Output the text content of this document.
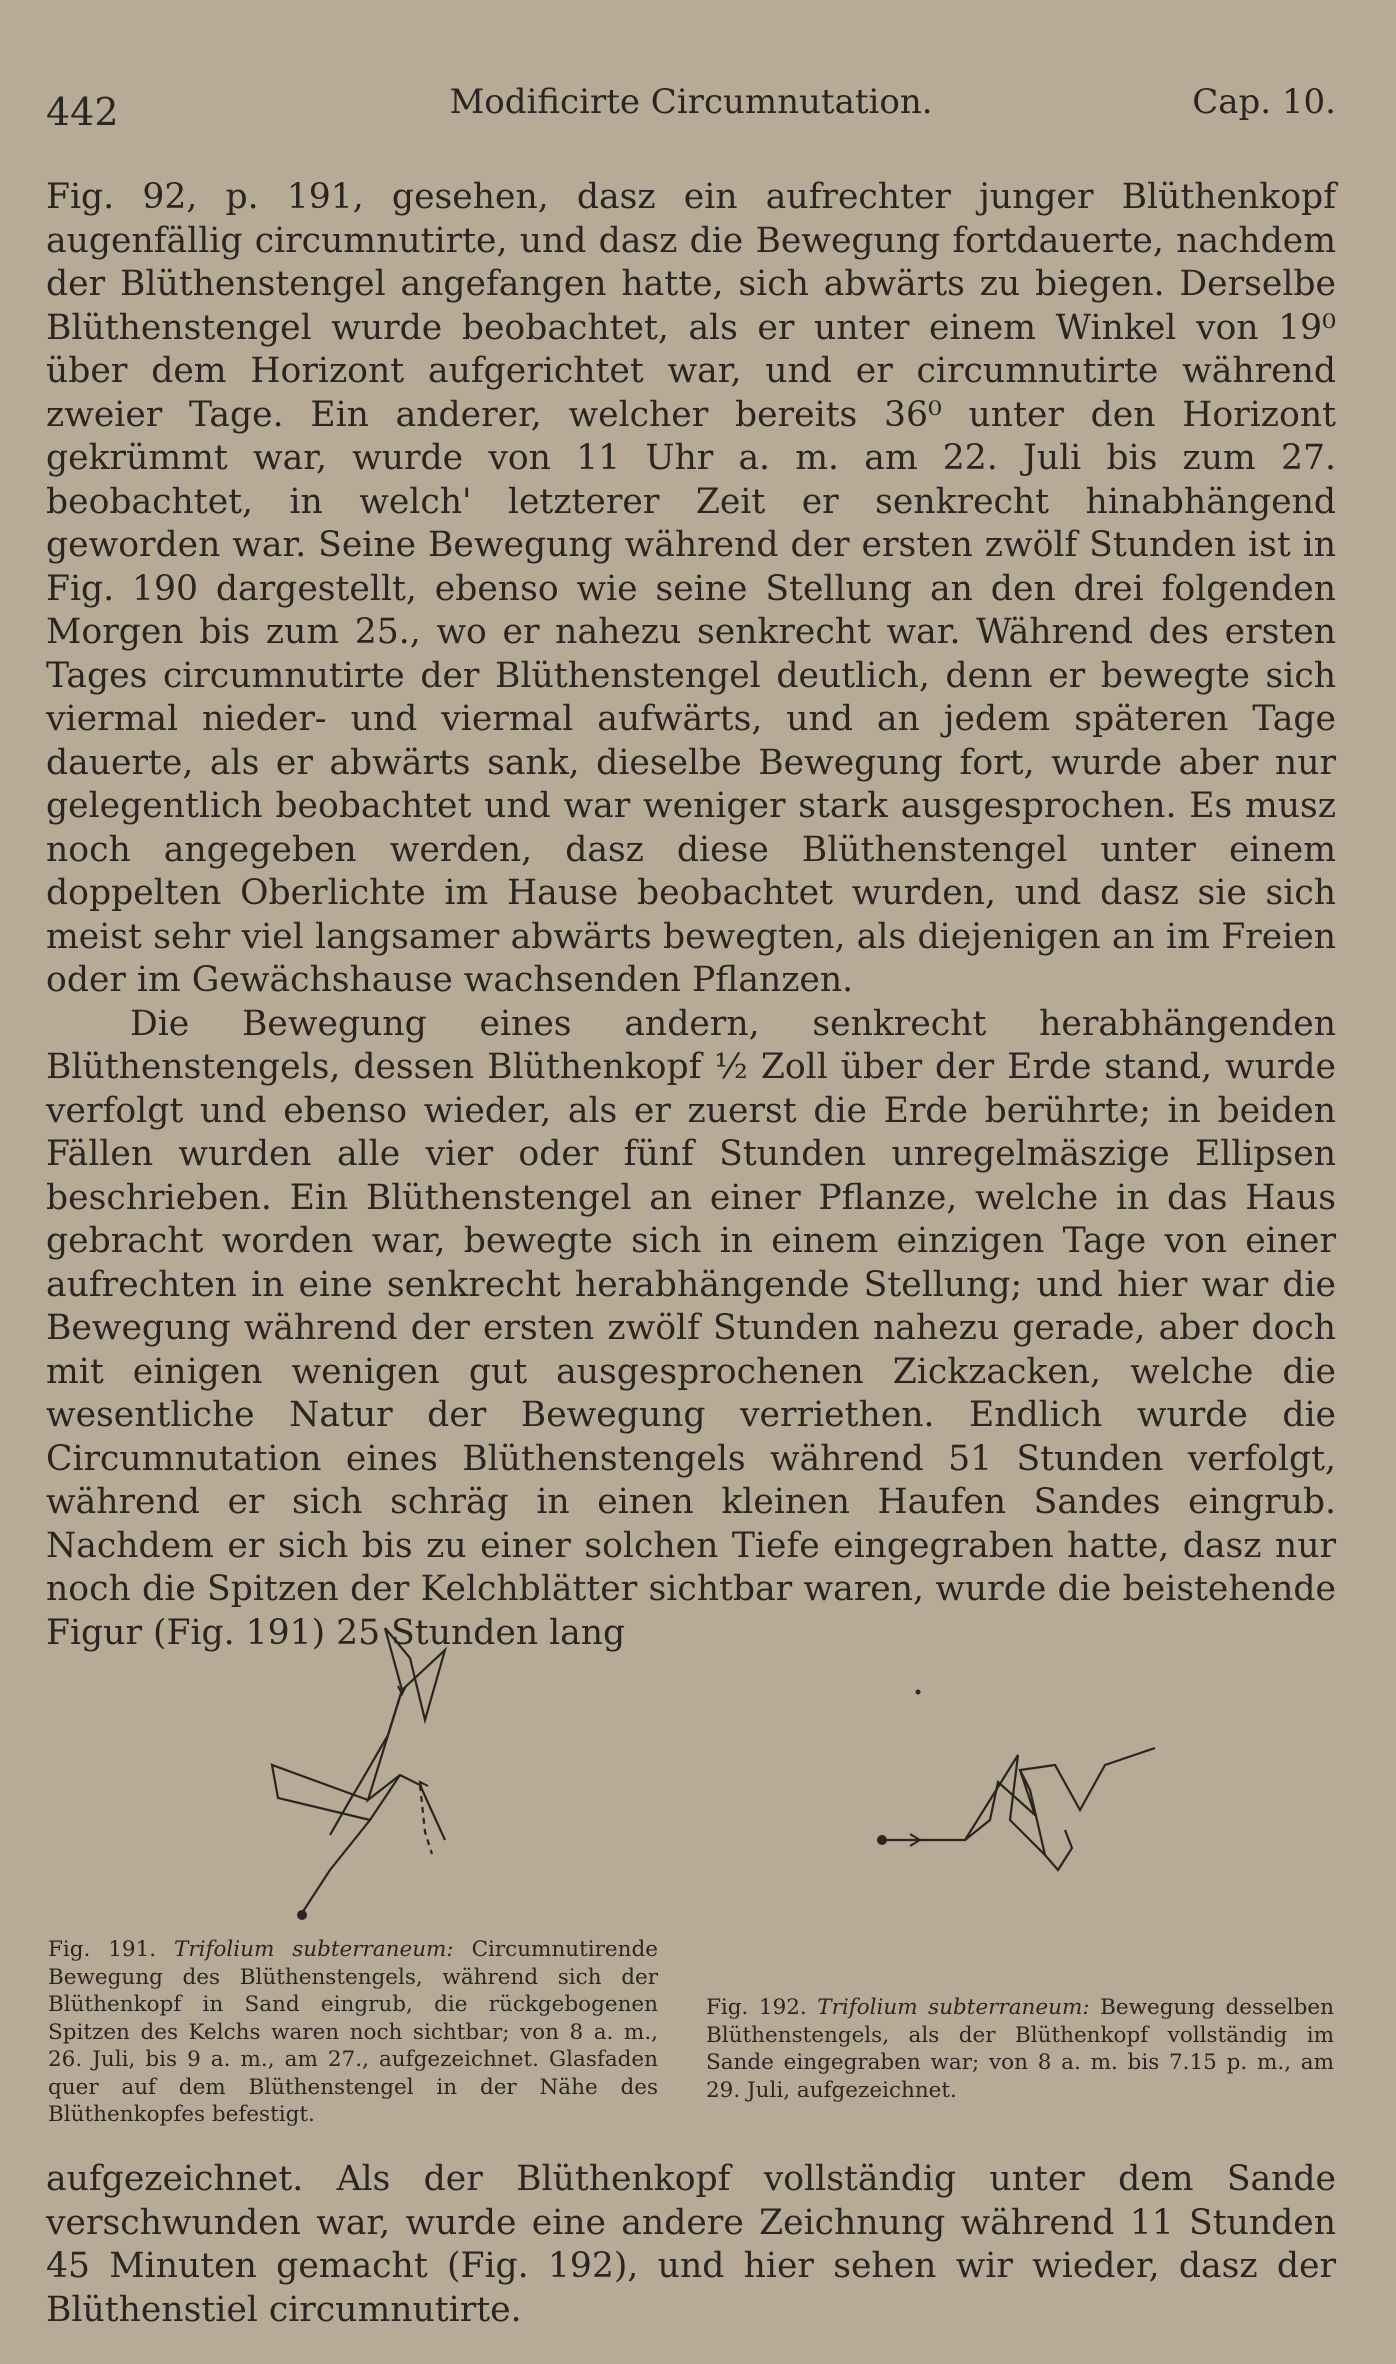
442	Modificirte Circumnutation.	Cap. 10.

Fig. 92, p. 191, gesehen, dasz ein aufrechter junger Blüthenkopf augenfällig circumnutirte, und dasz die Bewegung fortdauerte, nachdem der Blüthenstengel angefangen hatte, sich abwärts zu biegen. Derselbe Blüthenstengel wurde beobachtet, als er unter einem Winkel von 19⁰ über dem Horizont aufgerichtet war, und er circumnutirte während zweier Tage. Ein anderer, welcher bereits 36⁰ unter den Horizont gekrümmt war, wurde von 11 Uhr a. m. am 22. Juli bis zum 27. beobachtet, in welch' letzterer Zeit er senkrecht hinabhängend geworden war. Seine Bewegung während der ersten zwölf Stunden ist in Fig. 190 dargestellt, ebenso wie seine Stellung an den drei folgenden Morgen bis zum 25., wo er nahezu senkrecht war. Während des ersten Tages circumnutirte der Blüthenstengel deutlich, denn er bewegte sich viermal nieder- und viermal aufwärts, und an jedem späteren Tage dauerte, als er abwärts sank, dieselbe Bewegung fort, wurde aber nur gelegentlich beobachtet und war weniger stark ausgesprochen. Es musz noch angegeben werden, dasz diese Blüthenstengel unter einem doppelten Oberlichte im Hause beobachtet wurden, und dasz sie sich meist sehr viel langsamer abwärts bewegten, als diejenigen an im Freien oder im Gewächshause wachsenden Pflanzen.

Die Bewegung eines andern, senkrecht herabhängenden Blüthenstengels, dessen Blüthenkopf ½ Zoll über der Erde stand, wurde verfolgt und ebenso wieder, als er zuerst die Erde berührte; in beiden Fällen wurden alle vier oder fünf Stunden unregelmäszige Ellipsen beschrieben. Ein Blüthenstengel an einer Pflanze, welche in das Haus gebracht worden war, bewegte sich in einem einzigen Tage von einer aufrechten in eine senkrecht herabhängende Stellung; und hier war die Bewegung während der ersten zwölf Stunden nahezu gerade, aber doch mit einigen wenigen gut ausgesprochenen Zickzacken, welche die wesentliche Natur der Bewegung verriethen. Endlich wurde die Circumnutation eines Blüthenstengels während 51 Stunden verfolgt, während er sich schräg in einen kleinen Haufen Sandes eingrub. Nachdem er sich bis zu einer solchen Tiefe eingegraben hatte, dasz nur noch die Spitzen der Kelchblätter sichtbar waren, wurde die beistehende Figur (Fig. 191) 25 Stunden lang

Fig. 191. Trifolium subterraneum: Circumnutirende Bewegung des Blüthenstengels, während sich der Blüthenkopf in Sand eingrub, die rückgebogenen Spitzen des Kelchs waren noch sichtbar; von 8 a. m., 26. Juli, bis 9 a. m., am 27., aufgezeichnet. Glasfaden quer auf dem Blüthenstengel in der Nähe des Blüthenkopfes befestigt.
Fig. 192. Trifolium subterraneum: Bewegung desselben Blüthenstengels, als der Blüthenkopf vollständig im Sande eingegraben war; von 8 a. m. bis 7.15 p. m., am 29. Juli, aufgezeichnet.

aufgezeichnet. Als der Blüthenkopf vollständig unter dem Sande verschwunden war, wurde eine andere Zeichnung während 11 Stunden 45 Minuten gemacht (Fig. 192), und hier sehen wir wieder, dasz der Blüthenstiel circumnutirte.
